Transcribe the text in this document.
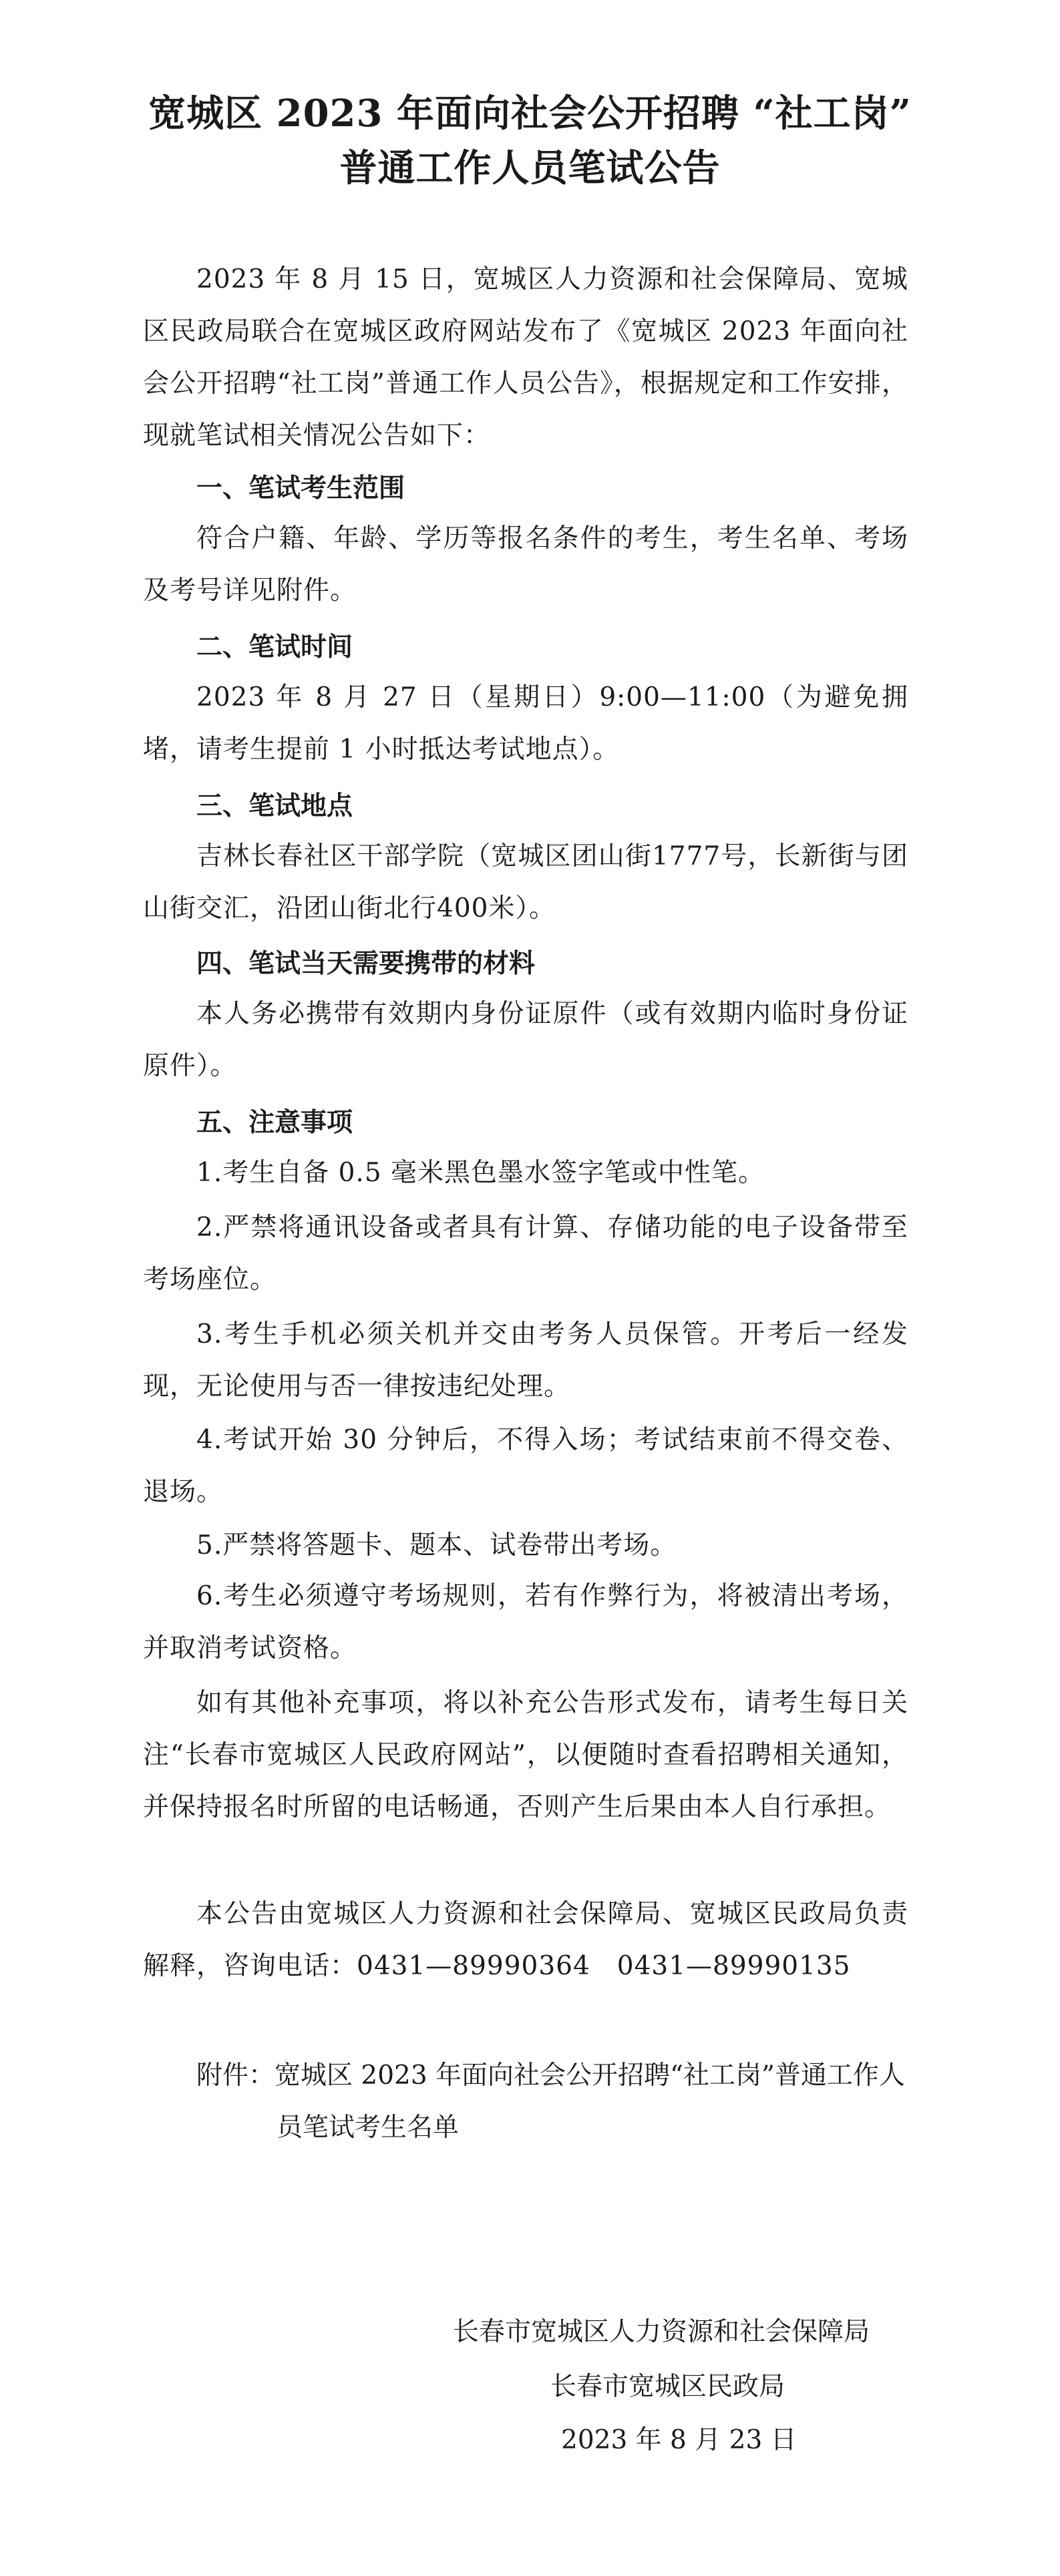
宽城区 2023 年面向社会公开招聘 “社工岗”
普通工作人员笔试公告
2023 年 8 月 15 日，宽城区人力资源和社会保障局、宽城区民政局联合在宽城区政府网站发布了《宽城区 2023 年面向社会公开招聘“社工岗”普通工作人员公告》，根据规定和工作安排，现就笔试相关情况公告如下：
一、笔试考生范围
符合户籍、年龄、学历等报名条件的考生，考生名单、考场及考号详见附件。
二、笔试时间
2023 年 8 月 27 日（星期日）9:00—11:00（为避免拥堵，请考生提前 1 小时抵达考试地点）。
三、笔试地点
吉林长春社区干部学院（宽城区团山街1777号，长新街与团山街交汇，沿团山街北行400米）。
四、笔试当天需要携带的材料
本人务必携带有效期内身份证原件（或有效期内临时身份证原件）。
五、注意事项
1.考生自备 0.5 毫米黑色墨水签字笔或中性笔。
2.严禁将通讯设备或者具有计算、存储功能的电子设备带至考场座位。
3.考生手机必须关机并交由考务人员保管。开考后一经发现，无论使用与否一律按违纪处理。
4.考试开始 30 分钟后，不得入场；考试结束前不得交卷、退场。
5.严禁将答题卡、题本、试卷带出考场。
6.考生必须遵守考场规则，若有作弊行为，将被清出考场，并取消考试资格。
如有其他补充事项，将以补充公告形式发布，请考生每日关注“长春市宽城区人民政府网站”，以便随时查看招聘相关通知，并保持报名时所留的电话畅通，否则产生后果由本人自行承担。
本公告由宽城区人力资源和社会保障局、宽城区民政局负责解释，咨询电话：0431—89990364　0431—89990135
附件：宽城区 2023 年面向社会公开招聘“社工岗”普通工作人员笔试考生名单
长春市宽城区人力资源和社会保障局
长春市宽城区民政局
2023 年 8 月 23 日
